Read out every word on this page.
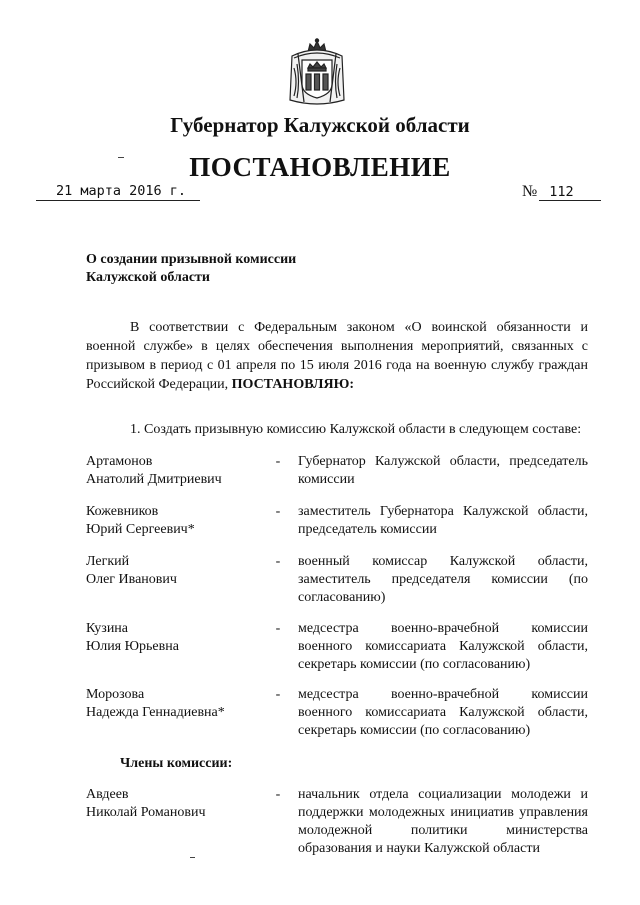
Губернатор Калужской области
ПОСТАНОВЛЕНИЕ
21 марта 2016 г.	№ 112
О создании призывной комиссии
Калужской области
В соответствии с Федеральным законом «О воинской обязанности и военной службе» в целях обеспечения выполнения мероприятий, связанных с призывом в период с 01 апреля по 15 июля 2016 года на военную службу граждан Российской Федерации, ПОСТАНОВЛЯЮ:
1. Создать призывную комиссию Калужской области в следующем составе:
Артамонов
Анатолий Дмитриевич
- Губернатор Калужской области, председатель комиссии
Кожевников
Юрий Сергеевич*
- заместитель Губернатора Калужской области, председатель комиссии
Легкий
Олег Иванович
- военный комиссар Калужской области, заместитель председателя комиссии (по согласованию)
Кузина
Юлия Юрьевна
- медсестра военно-врачебной комиссии военного комиссариата Калужской области, секретарь комиссии (по согласованию)
Морозова
Надежда Геннадиевна*
- медсестра военно-врачебной комиссии военного комиссариата Калужской области, секретарь комиссии (по согласованию)
Члены комиссии:
Авдеев
Николай Романович
- начальник отдела социализации молодежи и поддержки молодежных инициатив управления молодежной политики министерства образования и науки Калужской области
